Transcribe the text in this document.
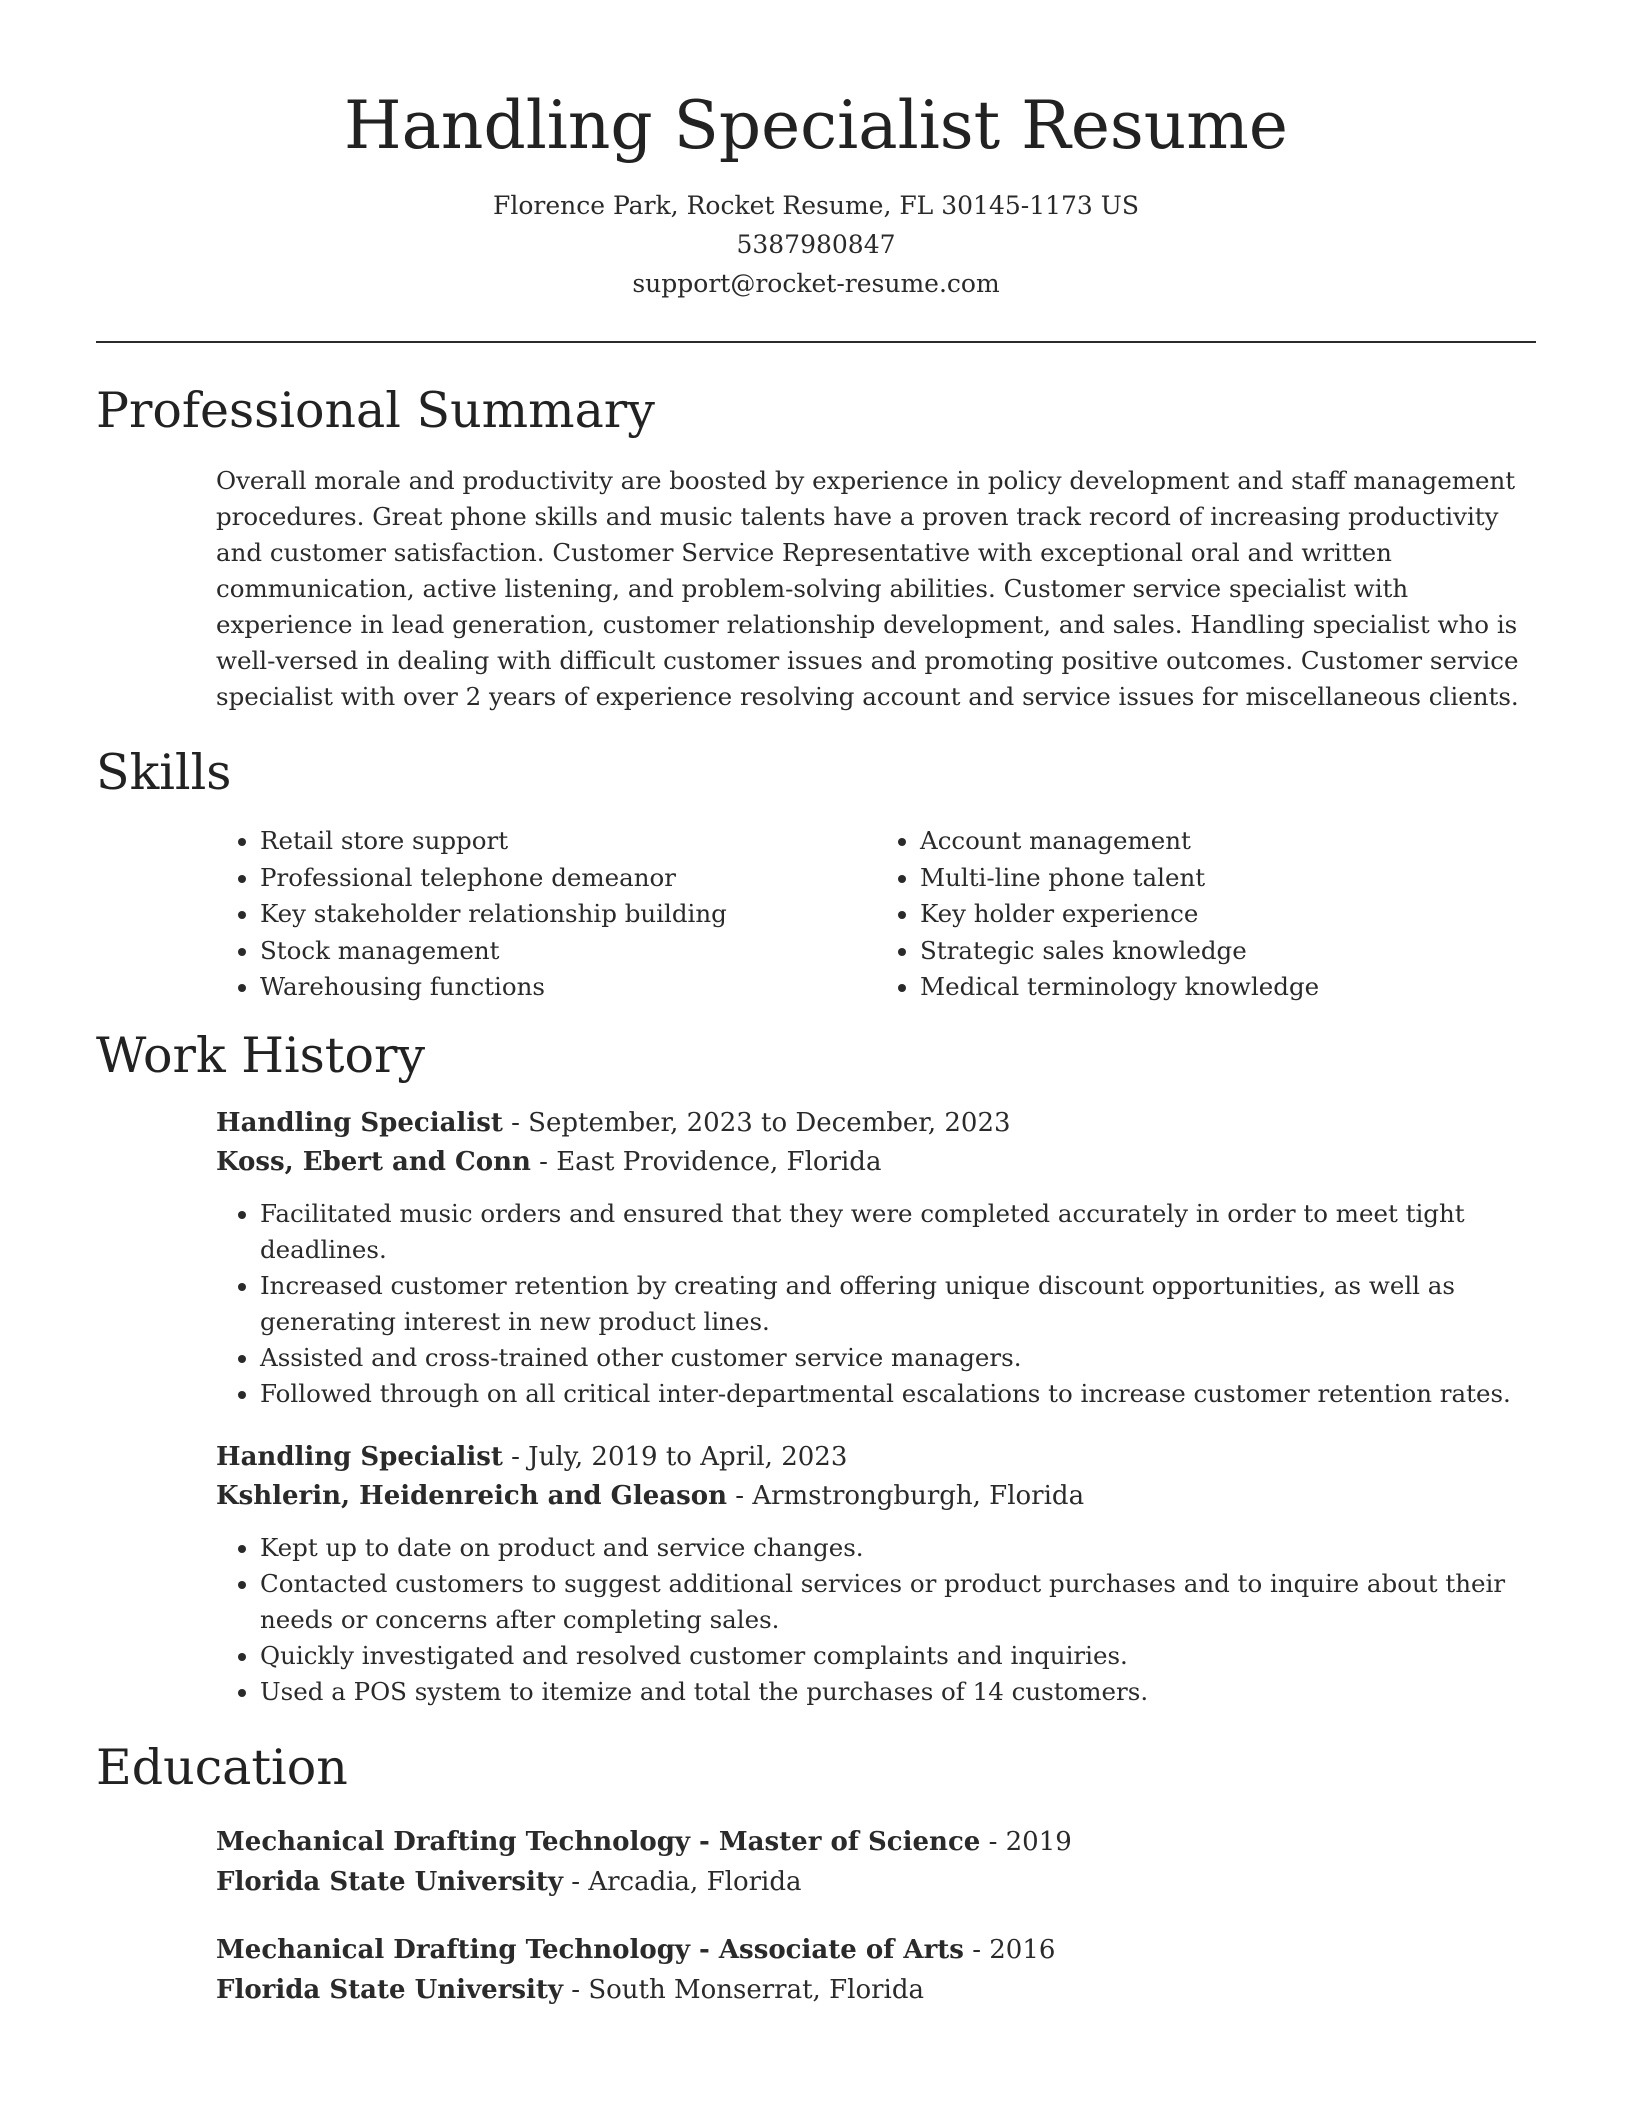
Handling Specialist Resume
Florence Park, Rocket Resume, FL 30145-1173 US
5387980847
support@rocket-resume.com
Professional Summary
Overall morale and productivity are boosted by experience in policy development and staff management procedures. Great phone skills and music talents have a proven track record of increasing productivity and customer satisfaction. Customer Service Representative with exceptional oral and written communication, active listening, and problem-solving abilities. Customer service specialist with experience in lead generation, customer relationship development, and sales. Handling specialist who is well-versed in dealing with difficult customer issues and promoting positive outcomes. Customer service specialist with over 2 years of experience resolving account and service issues for miscellaneous clients.
Skills
• Retail store support
• Professional telephone demeanor
• Key stakeholder relationship building
• Stock management
• Warehousing functions
• Account management
• Multi-line phone talent
• Key holder experience
• Strategic sales knowledge
• Medical terminology knowledge
Work History
Handling Specialist - September, 2023 to December, 2023
Koss, Ebert and Conn - East Providence, Florida
• Facilitated music orders and ensured that they were completed accurately in order to meet tight deadlines.
• Increased customer retention by creating and offering unique discount opportunities, as well as generating interest in new product lines.
• Assisted and cross-trained other customer service managers.
• Followed through on all critical inter-departmental escalations to increase customer retention rates.
Handling Specialist - July, 2019 to April, 2023
Kshlerin, Heidenreich and Gleason - Armstrongburgh, Florida
• Kept up to date on product and service changes.
• Contacted customers to suggest additional services or product purchases and to inquire about their needs or concerns after completing sales.
• Quickly investigated and resolved customer complaints and inquiries.
• Used a POS system to itemize and total the purchases of 14 customers.
Education
Mechanical Drafting Technology - Master of Science - 2019
Florida State University - Arcadia, Florida
Mechanical Drafting Technology - Associate of Arts - 2016
Florida State University - South Monserrat, Florida
